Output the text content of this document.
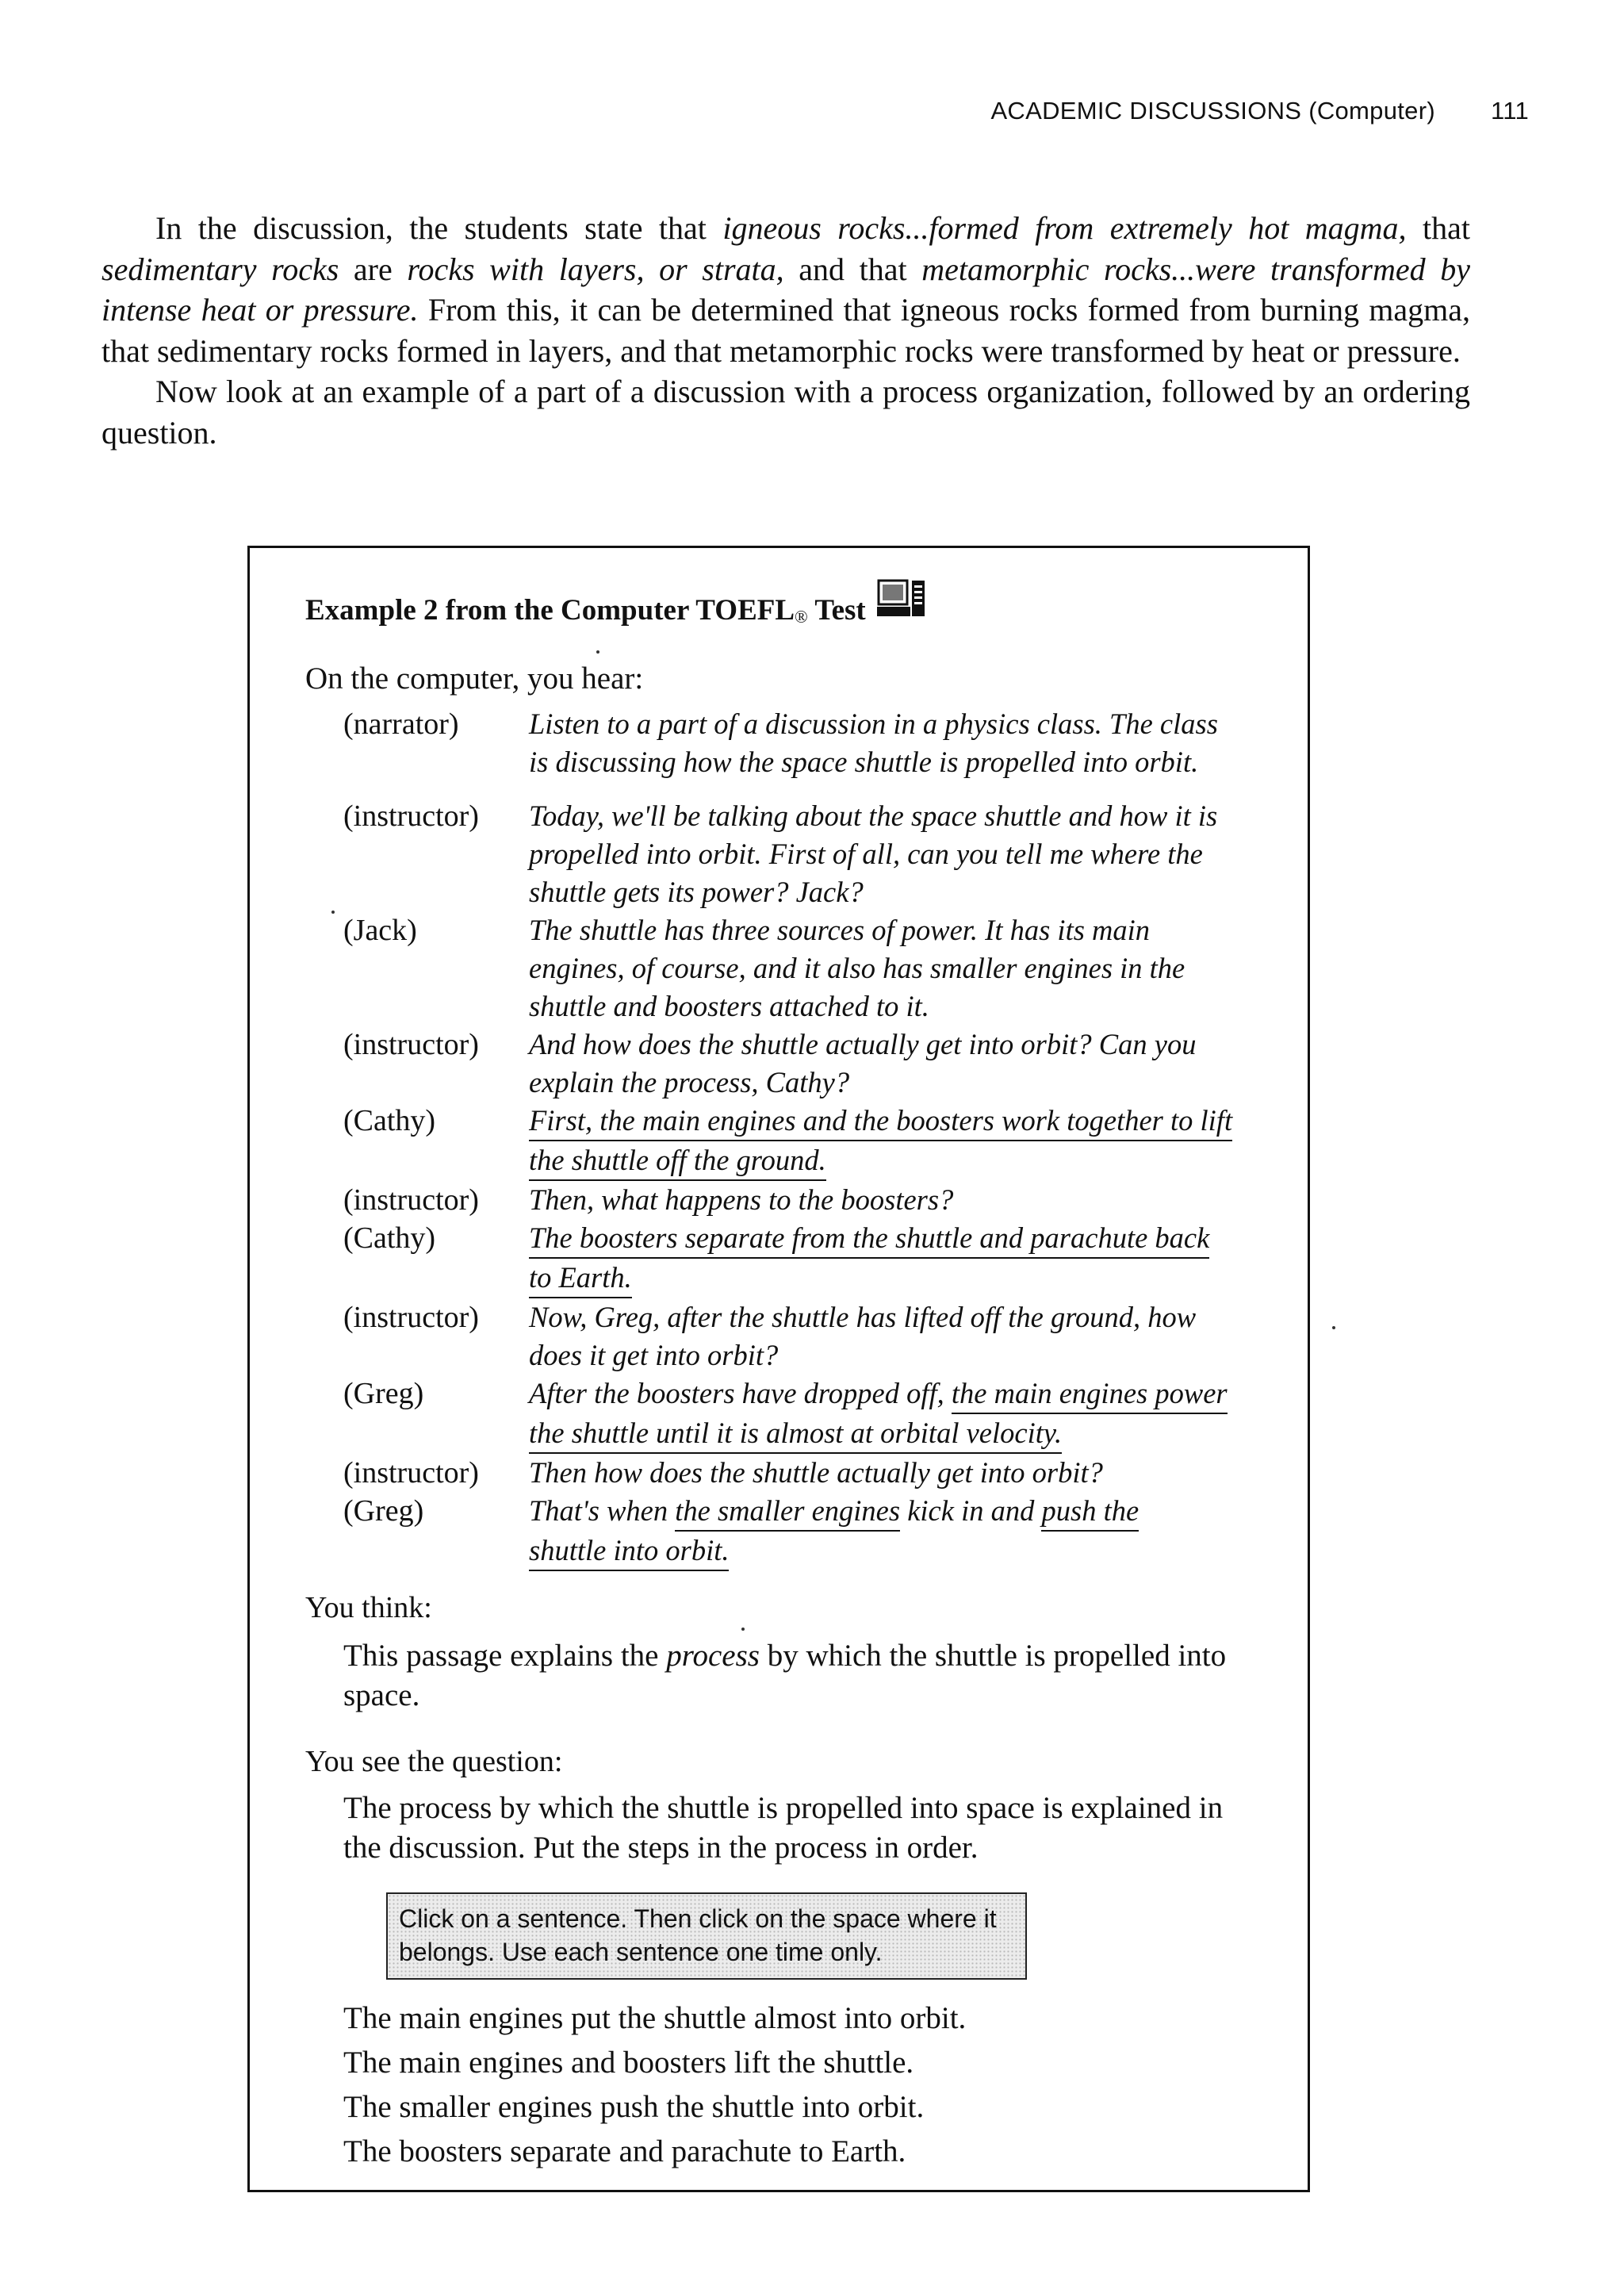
ACADEMIC DISCUSSIONS (Computer) 111

In the discussion, the students state that igneous rocks...formed from extremely hot magma, that sedimentary rocks are rocks with layers, or strata, and that metamorphic rocks...were transformed by intense heat or pressure. From this, it can be determined that igneous rocks formed from burning magma, that sedimentary rocks formed in layers, and that metamorphic rocks were transformed by heat or pressure.

Now look at an example of a part of a discussion with a process organization, followed by an ordering question.

Example 2 from the Computer $TOEFL_®$ Test
On the computer, you hear:
(narrator)	Listen to a part of a discussion in a physics class. The class is discussing how the space shuttle is propelled into orbit.
(instructor)	Today, we'll be talking about the space shuttle and how it is propelled into orbit. First of all, can you tell me where the shuttle gets its power? Jack?
(Jack)	The shuttle has three sources of power. It has its main engines, of course, and it also has smaller engines in the shuttle and boosters attached to it.
(instructor)	And how does the shuttle actually get into orbit? Can you explain the process, Cathy?
(Cathy)	First, the main engines and the boosters work together to lift
the shuttle off the ground.
(instructor)	Then, what happens to the boosters?
(Cathy)	The boosters separate from the shuttle and parachute back
to Earth.
(instructor)	Now, Greg, after the shuttle has lifted off the ground, how does it get into orbit?
(Greg)	After the boosters have dropped off, the main engines power
the shuttle until it is almost at orbital velocity.
(instructor)	Then how does the shuttle actually get into orbit?
(Greg)	That's when the smaller engines kick in and push the
shuttle into orbit.
You think:
This passage explains the process by which the shuttle is propelled into space.
You see the question:
The process by which the shuttle is propelled into space is explained in the discussion. Put the steps in the process in order.
Click on a sentence. Then click on the space where it belongs. Use each sentence one time only.
The main engines put the shuttle almost into orbit.
The main engines and boosters lift the shuttle.
The smaller engines push the shuttle into orbit.
The boosters separate and parachute to Earth.
